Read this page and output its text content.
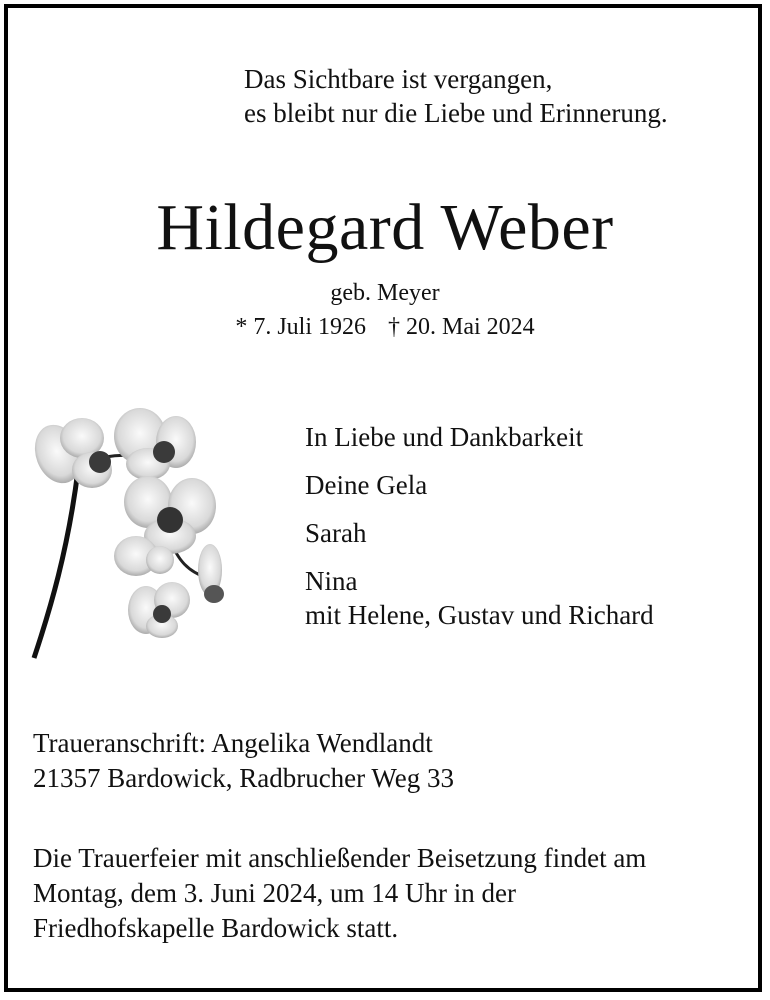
Das Sichtbare ist vergangen,
es bleibt nur die Liebe und Erinnerung.
Hildegard Weber
geb. Meyer
* 7. Juli 1926 † 20. Mai 2024
In Liebe und Dankbarkeit
Deine Gela
Sarah
Nina
mit Helene, Gustav und Richard
Traueranschrift: Angelika Wendlandt
21357 Bardowick, Radbrucher Weg 33
Die Trauerfeier mit anschließender Beisetzung findet am
Montag, dem 3. Juni 2024, um 14 Uhr in der
Friedhofskapelle Bardowick statt.
